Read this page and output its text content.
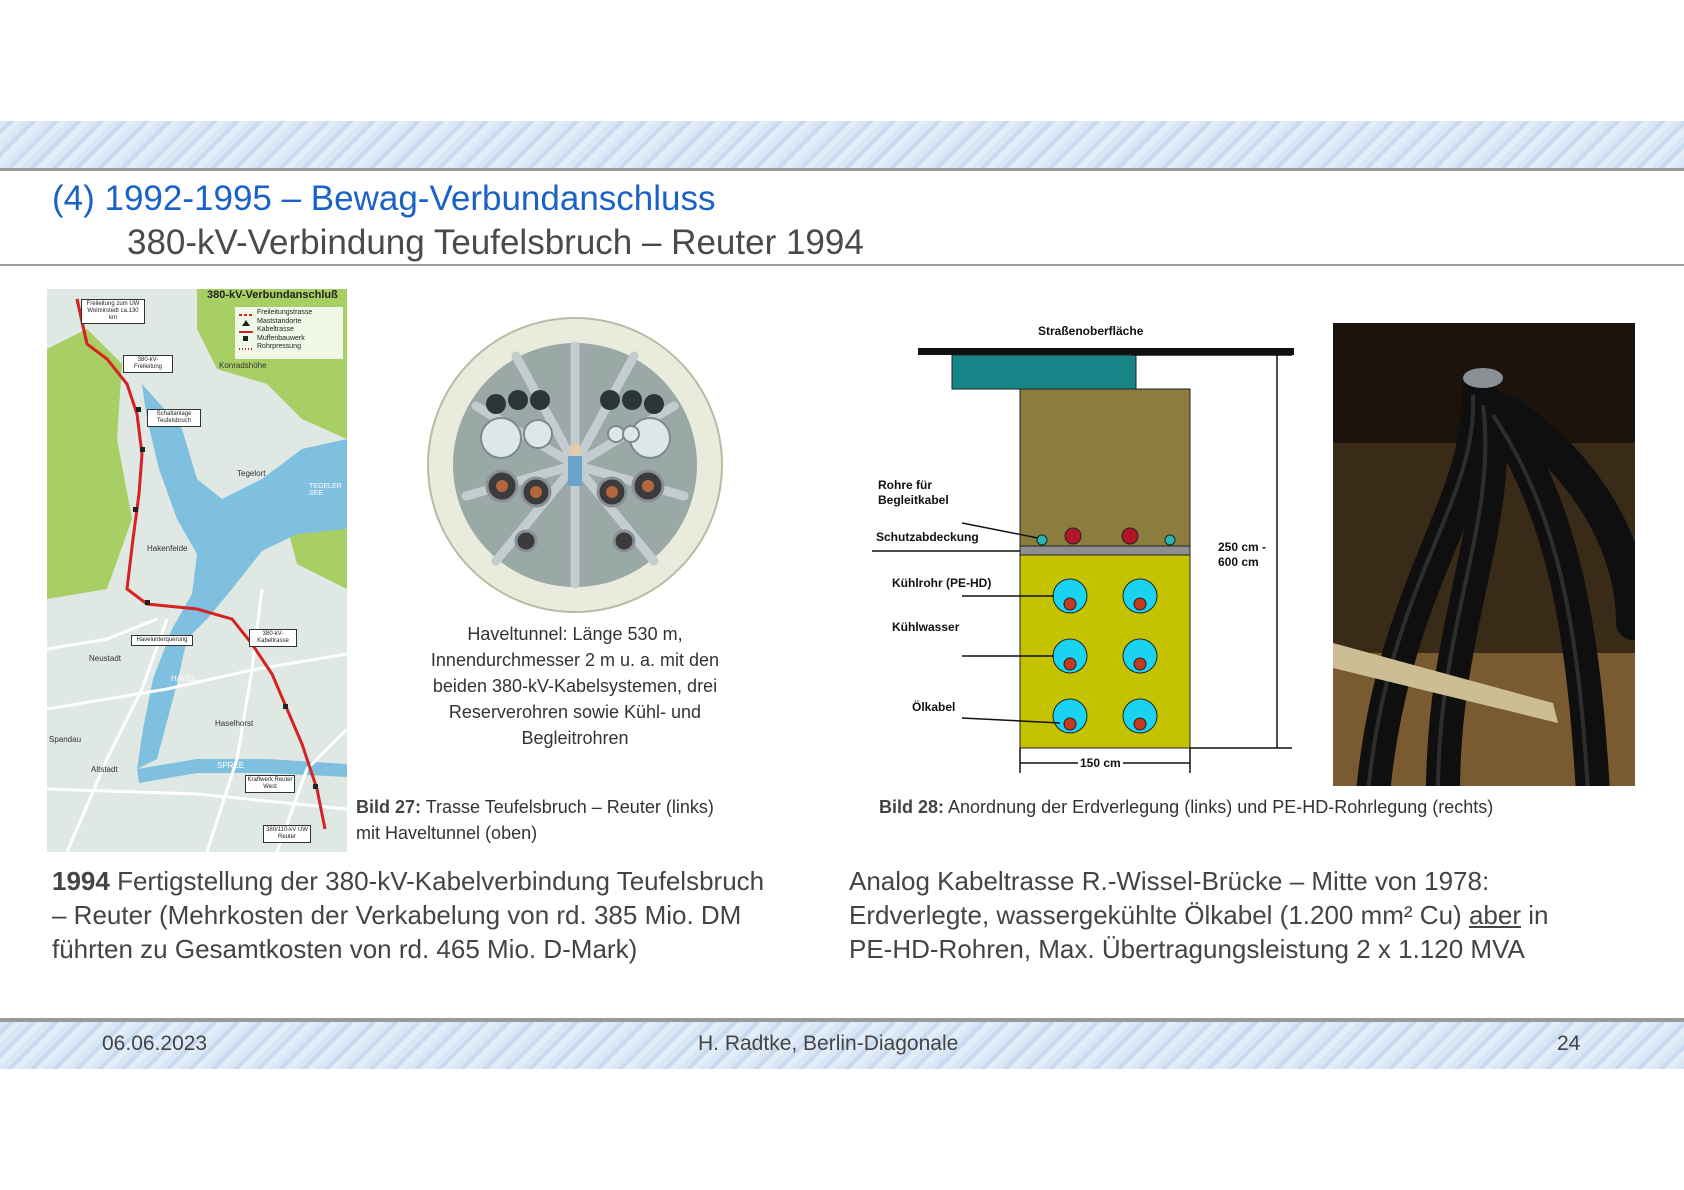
(4) 1992-1995 – Bewag-Verbundanschluss
380-kV-Verbindung Teufelsbruch – Reuter 1994
380-kV-Verbundanschluß
Freileitungstrasse
Maststandorte
Kabeltrasse
Muffenbauwerk
Rohrpressung
Freileitung zum UW Wolmirstedt ca.130 km
380-kV-Freileitung
Schaltanlage Teufelsbruch
Havelunterquerung
380-kV-Kabeltrasse
Kraftwerk Reuter West
380/110-kV UW Reuter
Konradshöhe
Tegelort
TEGELER SEE
Hakenfelde
Neustadt
Spandau
Altstadt
Haselhorst
HAVEL
SPREE
Haveltunnel: Länge 530 m,
Innendurchmesser 2 m u. a. mit den
beiden 380-kV-Kabelsystemen, drei
Reserverohren sowie Kühl- und
Begleitrohren
Bild 27: Trasse Teufelsbruch – Reuter (links)
mit Haveltunnel (oben)
Straßenoberfläche
Rohre für
Begleitkabel
Schutzabdeckung
Kühlrohr (PE-HD)
Kühlwasser
Ölkabel
250 cm -
600 cm
150 cm
Bild 28: Anordnung der Erdverlegung (links) und PE-HD-Rohrlegung (rechts)
1994 Fertigstellung der 380-kV-Kabelverbindung Teufelsbruch
– Reuter (Mehrkosten der Verkabelung von rd. 385 Mio. DM
führten zu Gesamtkosten von rd. 465 Mio. D-Mark)
Analog Kabeltrasse R.-Wissel-Brücke – Mitte von 1978:
Erdverlegte, wassergekühlte Ölkabel (1.200 mm² Cu) aber in
PE-HD-Rohren, Max. Übertragungsleistung 2 x 1.120 MVA
06.06.2023	H. Radtke, Berlin-Diagonale	24
